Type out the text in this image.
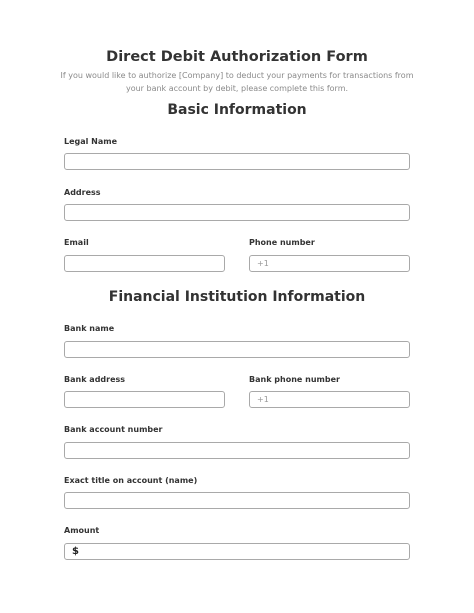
Direct Debit Authorization Form
If you would like to authorize [Company] to deduct your payments for transactions from your bank account by debit, please complete this form.
Basic Information
Legal Name
Address
Email	Phone number
+1
Financial Institution Information
Bank name
Bank address	Bank phone number
+1
Bank account number
Exact title on account (name)
Amount
$
